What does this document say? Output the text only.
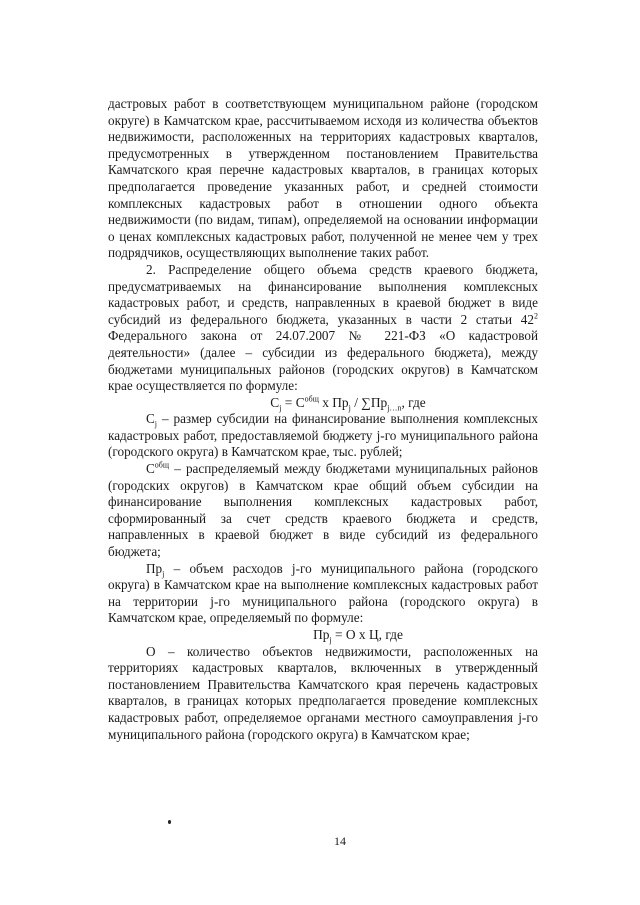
дастровых работ в соответствующем муниципальном районе (городском округе) в Камчатском крае, рассчитываемом исходя из количества объектов недвижимости, расположенных на территориях кадастровых кварталов, предусмотренных в утвержденном постановлением Правительства Камчатского края перечне кадастровых кварталов, в границах которых предполагается проведение указанных работ, и средней стоимости комплексных кадастровых работ в отношении одного объекта недвижимости (по видам, типам), определяемой на основании информации о ценах комплексных кадастровых работ, полученной не менее чем у трех подрядчиков, осуществляющих выполнение таких работ.

2. Распределение общего объема средств краевого бюджета, предусматриваемых на финансирование выполнения комплексных кадастровых работ, и средств, направленных в краевой бюджет в виде субсидий из федерального бюджета, указанных в части 2 статьи $42^2$ Федерального закона от 24.07.2007 № 221-ФЗ «О кадастровой деятельности» (далее – субсидии из федерального бюджета), между бюджетами муниципальных районов (городских округов) в Камчатском крае осуществляется по формуле:

$С_j = С^{общ}$ x $Пр_j / \sum Пр_{j\dots n}$, где

$С_j$ – размер субсидии на финансирование выполнения комплексных кадастровых работ, предоставляемой бюджету j-го муниципального района (городского округа) в Камчатском крае, тыс. рублей;

$С^{общ}$ – распределяемый между бюджетами муниципальных районов (городских округов) в Камчатском крае общий объем субсидии на финансирование выполнения комплексных кадастровых работ, сформированный за счет средств краевого бюджета и средств, направленных в краевой бюджет в виде субсидий из федерального бюджета;

$Пр_j$ – объем расходов j-го муниципального района (городского округа) в Камчатском крае на выполнение комплексных кадастровых работ на территории j-го муниципального района (городского округа) в Камчатском крае, определяемый по формуле:

$Пр_j = О$ х Ц, где

О – количество объектов недвижимости, расположенных на территориях кадастровых кварталов, включенных в утвержденный постановлением Правительства Камчатского края перечень кадастровых кварталов, в границах которых предполагается проведение комплексных кадастровых работ, определяемое органами местного самоуправления j-го муниципального района (городского округа) в Камчатском крае;

14
